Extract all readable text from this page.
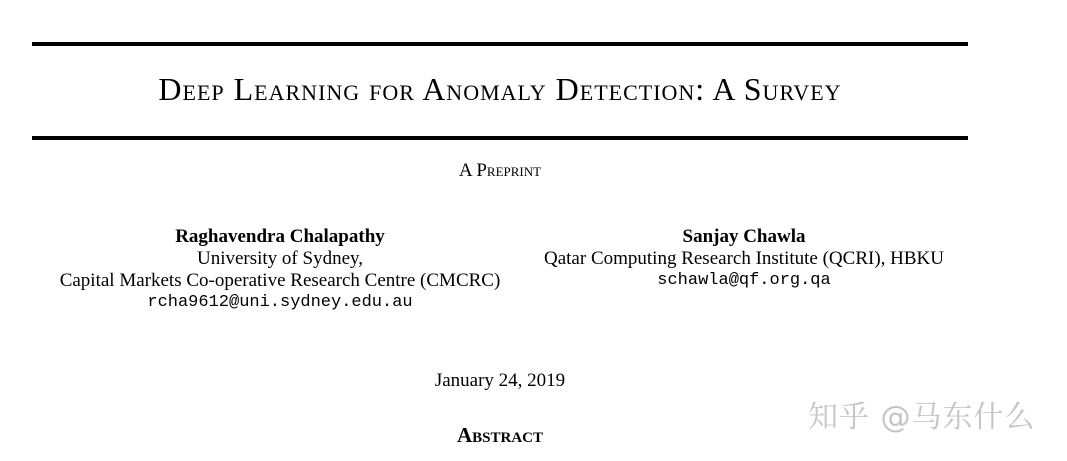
Deep Learning for Anomaly Detection: A Survey
A Preprint
Raghavendra Chalapathy
University of Sydney,
Capital Markets Co-operative Research Centre (CMCRC)
rcha9612@uni.sydney.edu.au
Sanjay Chawla
Qatar Computing Research Institute (QCRI), HBKU
schawla@qf.org.qa
January 24, 2019
Abstract	知乎 @马东什么
